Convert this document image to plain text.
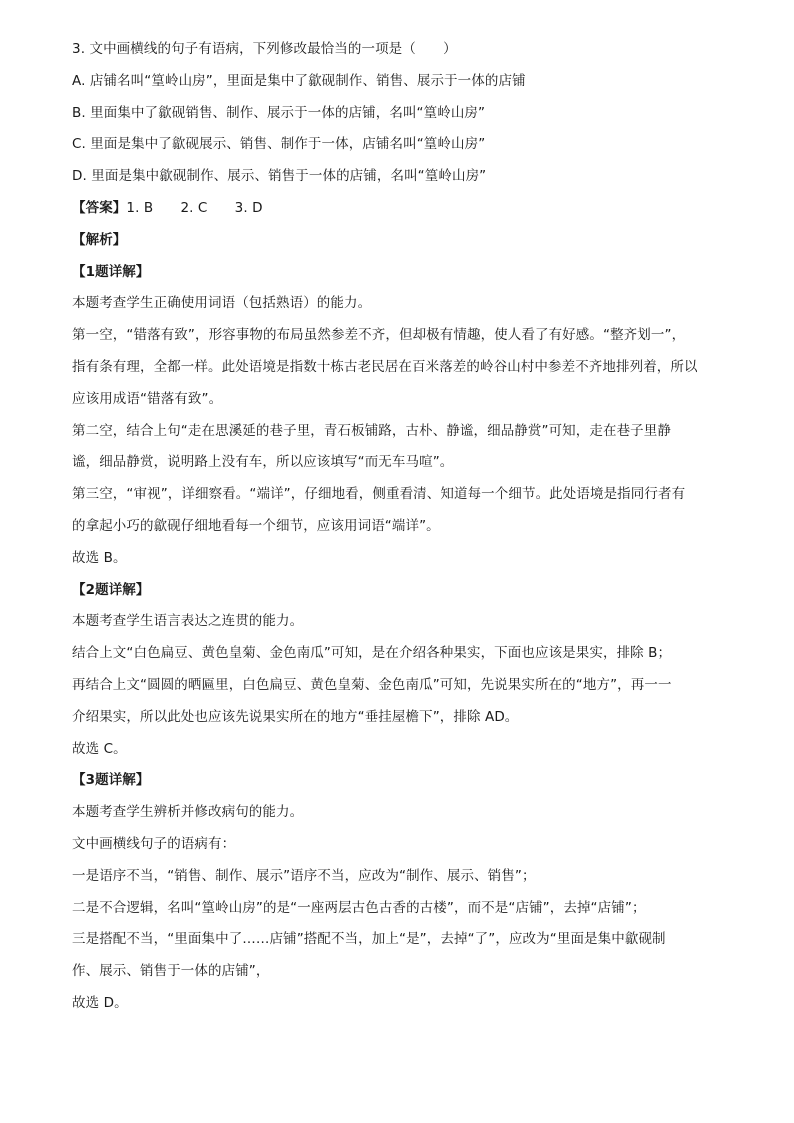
3. 文中画横线的句子有语病，下列修改最恰当的一项是（　　）
A. 店铺名叫“篁岭山房”，里面是集中了歙砚制作、销售、展示于一体的店铺
B. 里面集中了歙砚销售、制作、展示于一体的店铺，名叫“篁岭山房”
C. 里面是集中了歙砚展示、销售、制作于一体，店铺名叫“篁岭山房”
D. 里面是集中歙砚制作、展示、销售于一体的店铺，名叫“篁岭山房”
【答案】1. B　　2. C　　3. D
【解析】
【1题详解】
本题考查学生正确使用词语（包括熟语）的能力。
第一空，“错落有致”，形容事物的布局虽然参差不齐，但却极有情趣，使人看了有好感。“整齐划一”，
指有条有理，全都一样。此处语境是指数十栋古老民居在百米落差的岭谷山村中参差不齐地排列着，所以
应该用成语“错落有致”。
第二空，结合上句“走在思溪延的巷子里，青石板铺路，古朴、静谧，细品静赏”可知，走在巷子里静
谧，细品静赏，说明路上没有车，所以应该填写“而无车马喧”。
第三空，“审视”，详细察看。“端详”，仔细地看，侧重看清、知道每一个细节。此处语境是指同行者有
的拿起小巧的歙砚仔细地看每一个细节，应该用词语“端详”。
故选 B。
【2题详解】
本题考查学生语言表达之连贯的能力。
结合上文“白色扁豆、黄色皇菊、金色南瓜”可知，是在介绍各种果实，下面也应该是果实，排除 B；
再结合上文“圆圆的晒匾里，白色扁豆、黄色皇菊、金色南瓜”可知，先说果实所在的“地方”，再一一
介绍果实，所以此处也应该先说果实所在的地方“垂挂屋檐下”，排除 AD。
故选 C。
【3题详解】
本题考查学生辨析并修改病句的能力。
文中画横线句子的语病有：
一是语序不当，“销售、制作、展示”语序不当，应改为“制作、展示、销售”；
二是不合逻辑，名叫“篁岭山房”的是“一座两层古色古香的古楼”，而不是“店铺”，去掉“店铺”；
三是搭配不当，“里面集中了……店铺”搭配不当，加上“是”，去掉“了”，应改为“里面是集中歙砚制
作、展示、销售于一体的店铺”，
故选 D。
